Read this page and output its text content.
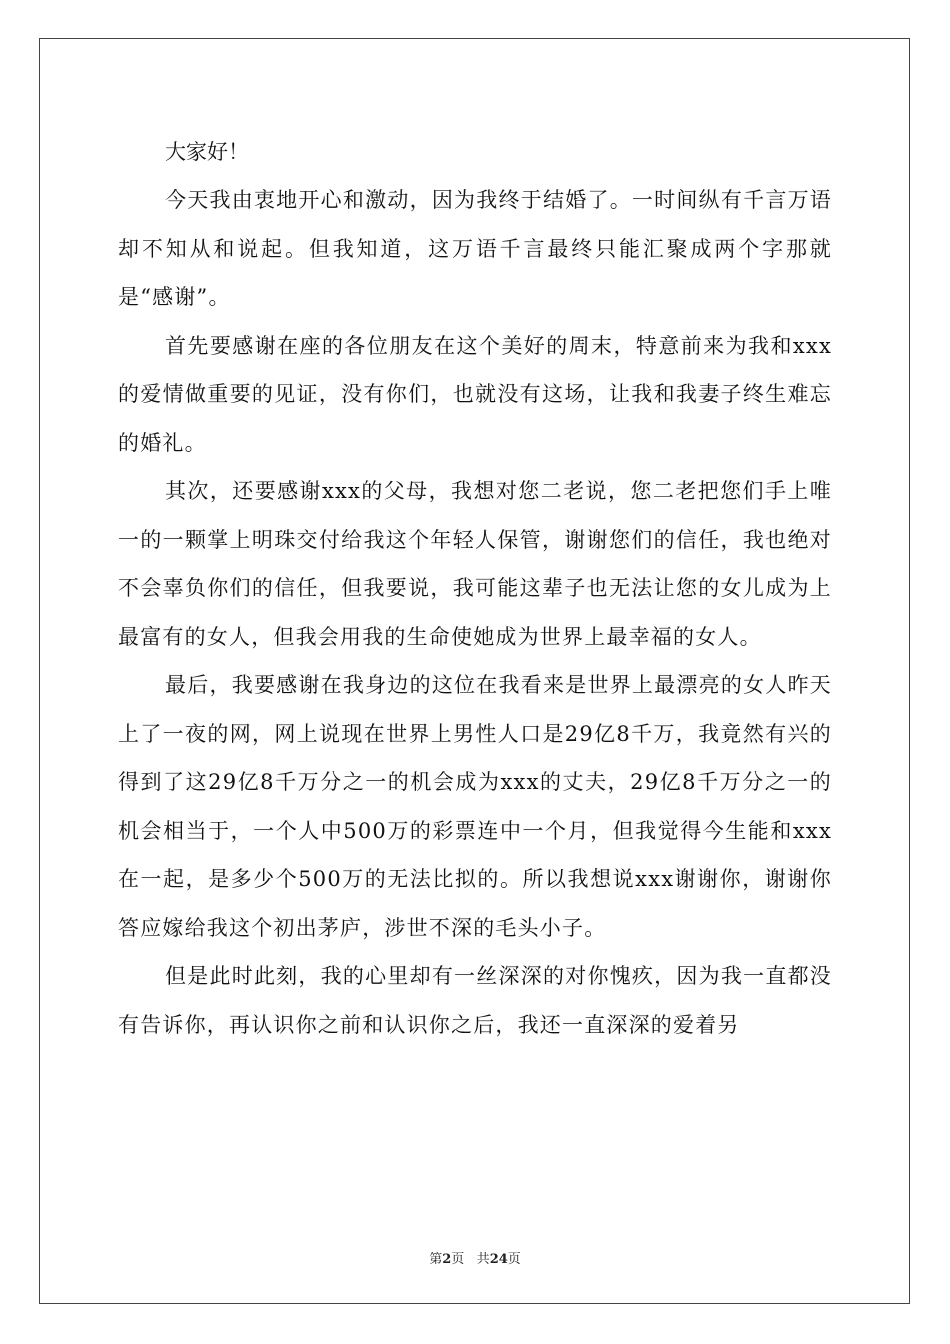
大家好！

今天我由衷地开心和激动，因为我终于结婚了。一时间纵有千言万语却不知从和说起。但我知道，这万语千言最终只能汇聚成两个字那就是“感谢”。

首先要感谢在座的各位朋友在这个美好的周末，特意前来为我和xxx的爱情做重要的见证，没有你们，也就没有这场，让我和我妻子终生难忘的婚礼。

其次，还要感谢xxx的父母，我想对您二老说，您二老把您们手上唯一的一颗掌上明珠交付给我这个年轻人保管，谢谢您们的信任，我也绝对不会辜负你们的信任，但我要说，我可能这辈子也无法让您的女儿成为上最富有的女人，但我会用我的生命使她成为世界上最幸福的女人。

最后，我要感谢在我身边的这位在我看来是世界上最漂亮的女人昨天上了一夜的网，网上说现在世界上男性人口是29亿8千万，我竟然有兴的得到了这29亿8千万分之一的机会成为xxx的丈夫，29亿8千万分之一的机会相当于，一个人中500万的彩票连中一个月，但我觉得今生能和xxx在一起，是多少个500万的无法比拟的。所以我想说xxx谢谢你，谢谢你答应嫁给我这个初出茅庐，涉世不深的毛头小子。

但是此时此刻，我的心里却有一丝深深的对你愧疚，因为我一直都没有告诉你，再认识你之前和认识你之后，我还一直深深的爱着另

第2页 共24页
